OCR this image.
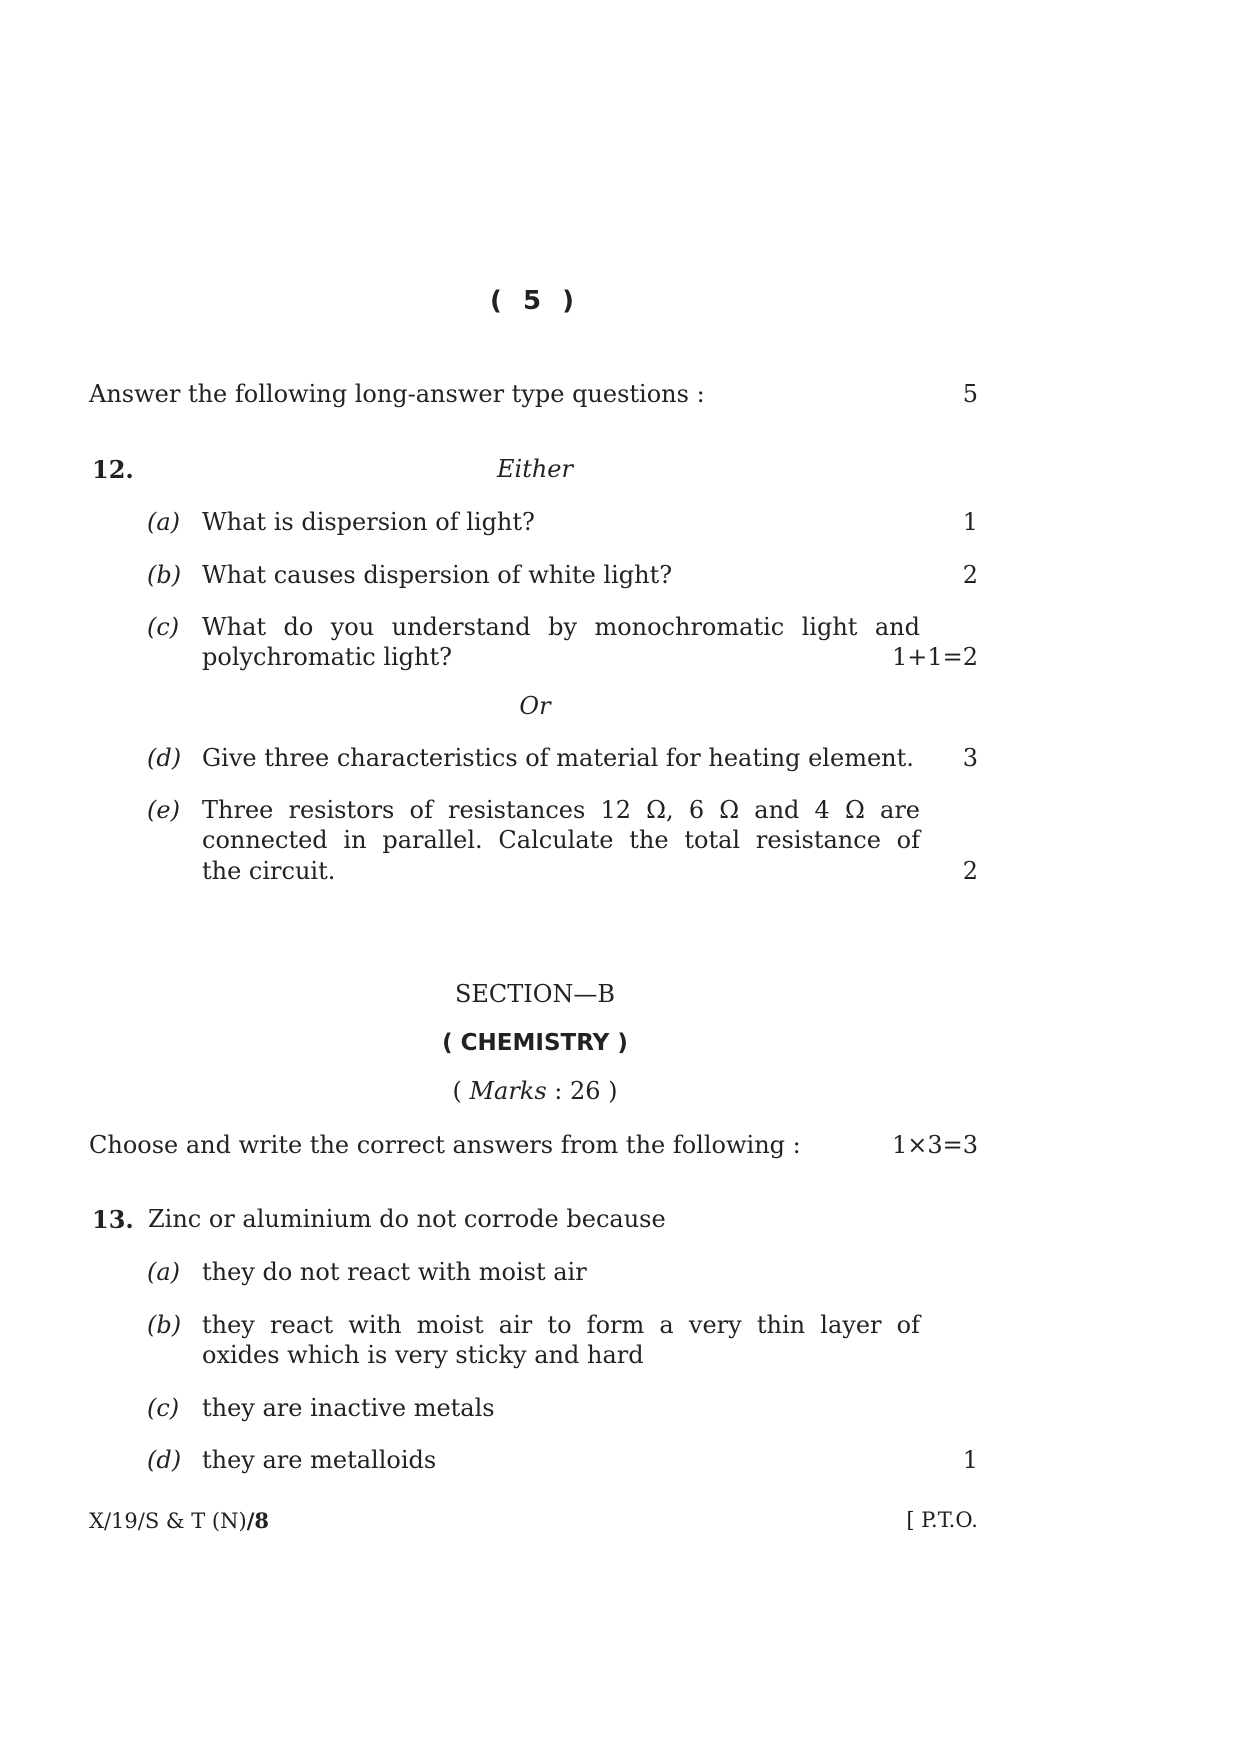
( 5 )
Answer the following long-answer type questions :	5
12.	Either
(a) What is dispersion of light?	1
(b) What causes dispersion of white light?	2
(c) What do you understand by monochromatic light and
polychromatic light?	1+1=2
Or
(d) Give three characteristics of material for heating element. 3
(e) Three resistors of resistances 12 Ω, 6 Ω and 4 Ω are
connected in parallel. Calculate the total resistance of
the circuit.	2
SECTION—B
( CHEMISTRY )
( Marks : 26 )
Choose and write the correct answers from the following :	1×3=3
13. Zinc or aluminium do not corrode because
(a) they do not react with moist air
(b) they react with moist air to form a very thin layer of
oxides which is very sticky and hard
(c) they are inactive metals
(d) they are metalloids	1
X/19/S & T (N)/8	[ P.T.O.
